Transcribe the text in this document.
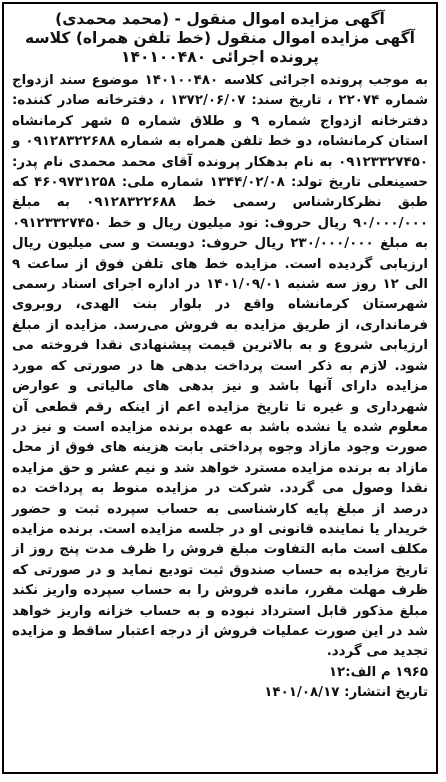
آگهی مزایده اموال منقول - (محمد محمدی)
آگهی مزایده اموال منقول (خط تلفن همراه) کلاسه
پرونده اجرائی ۱۴۰۱۰۰۴۸۰

به موجب پرونده اجرائی کلاسه ۱۴۰۱۰۰۴۸۰ موضوع سند ازدواج شماره ۲۲۰۷۴ ، تاریخ سند: ۱۳۷۲/۰۶/۰۷ ، دفترخانه صادر کننده: دفترخانه ازدواج شماره ۹ و طلاق شماره ۵ شهر کرمانشاه استان کرمانشاه، دو خط تلفن همراه به شماره ۰۹۱۲۸۳۲۲۶۸۸ و ۰۹۱۲۳۳۲۷۴۵۰ به نام بدهکار پرونده آقای محمد محمدی نام پدر: حسینعلی تاریخ تولد: ۱۳۴۴/۰۲/۰۸ شماره ملی: ۴۶۰۹۷۳۱۲۵۸ که طبق نظرکارشناس رسمی خط ۰۹۱۲۸۳۲۲۶۸۸ به مبلغ ۹۰/۰۰۰/۰۰۰ ریال حروف: نود میلیون ریال و خط ۰۹۱۲۳۳۲۷۴۵۰ به مبلغ ۲۳۰/۰۰۰/۰۰۰ ریال حروف: دویست و سی میلیون ریال ارزیابی گردیده است. مزایده خط های تلفن فوق از ساعت ۹ الی ۱۲ روز سه شنبه ۱۴۰۱/۰۹/۰۱ در اداره اجرای اسناد رسمی شهرستان کرمانشاه واقع در بلوار بنت الهدی، روبروی فرمانداری، از طریق مزایده به فروش می‌رسد. مزایده از مبلغ ارزیابی شروع و به بالاترین قیمت پیشنهادی نقدا فروخته می شود. لازم به ذکر است پرداخت بدهی ها در صورتی که مورد مزایده دارای آنها باشد و نیز بدهی های مالیاتی و عوارض شهرداری و غیره تا تاریخ مزایده اعم از اینکه رقم قطعی آن معلوم شده یا نشده باشد به عهده برنده مزایده است و نیز در صورت وجود مازاد وجوه پرداختی بابت هزینه های فوق از محل مازاد به برنده مزایده مسترد خواهد شد و نیم عشر و حق مزایده نقدا وصول می گردد. شرکت در مزایده منوط به پرداخت ده درصد از مبلغ پایه کارشناسی به حساب سپرده ثبت و حضور خریدار یا نماینده قانونی او در جلسه مزایده است. برنده مزایده مکلف است مابه التفاوت مبلغ فروش را ظرف مدت پنج روز از تاریخ مزایده به حساب صندوق ثبت تودیع نماید و در صورتی که ظرف مهلت مقرر، مانده فروش را به حساب سپرده واریز نکند مبلغ مذکور قابل استرداد نبوده و به حساب خزانه واریز خواهد شد در این صورت عملیات فروش از درجه اعتبار ساقط و مزایده تجدید می گردد.

۱۹۶۵ م الف:۱۲

تاریخ انتشار: ۱۴۰۱/۰۸/۱۷
